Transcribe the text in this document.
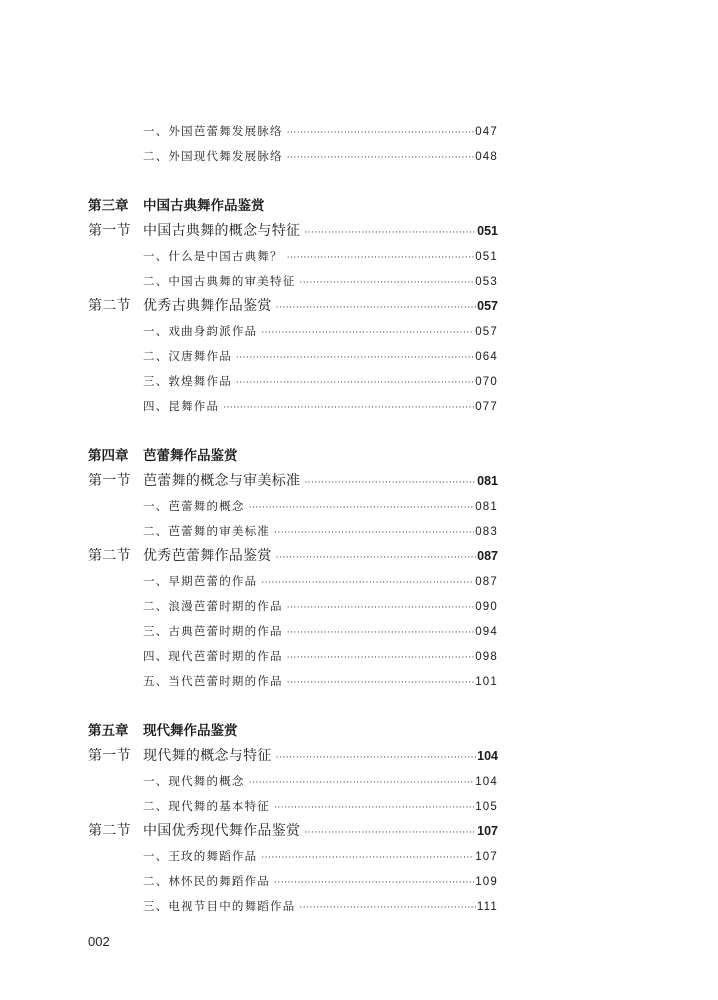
一、外国芭蕾舞发展脉络 ·····	047
二、外国现代舞发展脉络 ·····	048
第三章 中国古典舞作品鉴赏
第一节 中国古典舞的概念与特征 ·····	051
一、什么是中国古典舞？ ·····	051
二、中国古典舞的审美特征 ·····	053
第二节 优秀古典舞作品鉴赏 ·····	057
一、戏曲身韵派作品 ·····	057
二、汉唐舞作品 ·····	064
三、敦煌舞作品 ·····	070
四、昆舞作品 ·····	077
第四章 芭蕾舞作品鉴赏
第一节 芭蕾舞的概念与审美标准 ·····	081
一、芭蕾舞的概念 ·····	081
二、芭蕾舞的审美标准 ·····	083
第二节 优秀芭蕾舞作品鉴赏 ·····	087
一、早期芭蕾的作品 ·····	087
二、浪漫芭蕾时期的作品 ·····	090
三、古典芭蕾时期的作品 ·····	094
四、现代芭蕾时期的作品 ·····	098
五、当代芭蕾时期的作品 ·····	101
第五章 现代舞作品鉴赏
第一节 现代舞的概念与特征 ·····	104
一、现代舞的概念 ·····	104
二、现代舞的基本特征 ·····	105
第二节 中国优秀现代舞作品鉴赏 ·····	107
一、王玫的舞蹈作品 ·····	107
二、林怀民的舞蹈作品 ·····	109
三、电视节目中的舞蹈作品 ·····	111
002
